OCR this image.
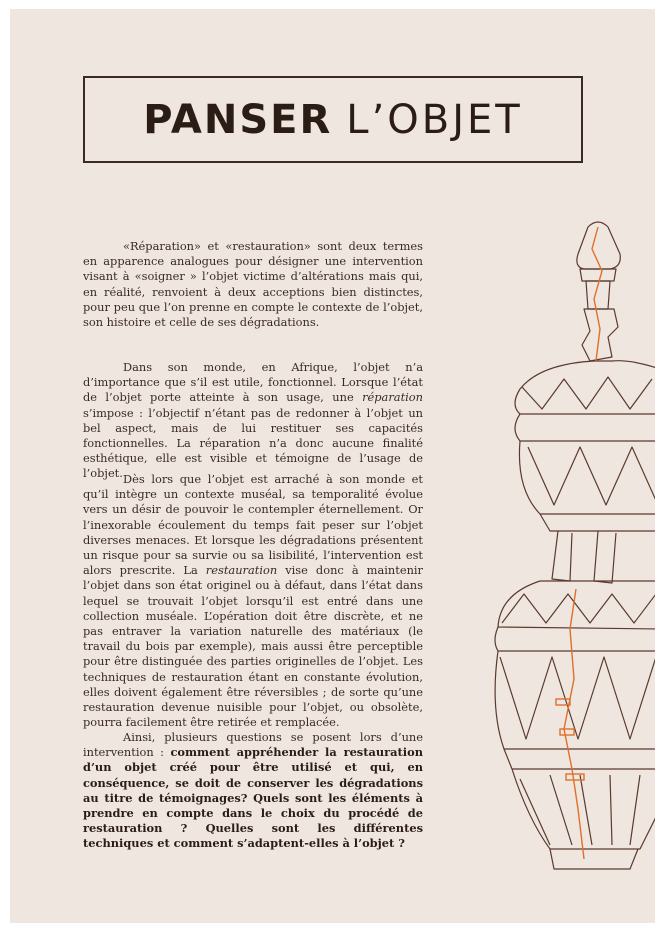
PANSER L’OBJET

«Réparation» et «restauration» sont deux termes en apparence analogues pour désigner une intervention visant à «soigner » l’objet victime d’altérations mais qui, en réalité, renvoient à deux acceptions bien distinctes, pour peu que l’on prenne en compte le contexte de l’objet, son histoire et celle de ses dégradations.

Dans son monde, en Afrique, l’objet n’a d’importance que s’il est utile, fonctionnel. Lorsque l’état de l’objet porte atteinte à son usage, une réparation s’impose : l’objectif n’étant pas de redonner à l’objet un bel aspect, mais de lui restituer ses capacités fonctionnelles. La réparation n’a donc aucune finalité esthétique, elle est visible et témoigne de l’usage de l’objet. Dès lors que l’objet est arraché à son monde et qu’il intègre un contexte muséal, sa temporalité évolue vers un désir de pouvoir le contempler éternellement. Or l’inexorable écoulement du temps fait peser sur l’objet diverses menaces. Et lorsque les dégradations présentent un risque pour sa survie ou sa lisibilité, l’intervention est alors prescrite. La restauration vise donc à maintenir l’objet dans son état originel ou à défaut, dans l’état dans lequel se trouvait l’objet lorsqu’il est entré dans une collection muséale. L’opération doit être discrète, et ne pas entraver la variation naturelle des matériaux (le travail du bois par exemple), mais aussi être perceptible pour être distinguée des parties originelles de l’objet. Les techniques de restauration étant en constante évolution, elles doivent également être réversibles ; de sorte qu’une restauration devenue nuisible pour l’objet, ou obsolète, pourra facilement être retirée et remplacée.

Ainsi, plusieurs questions se posent lors d’une intervention : comment appréhender la restauration d’un objet créé pour être utilisé et qui, en conséquence, se doit de conserver les dégradations au titre de témoignages? Quels sont les éléments à prendre en compte dans le choix du procédé de restauration ? Quelles sont les différentes techniques et comment s’adaptent-elles à l’objet ?
